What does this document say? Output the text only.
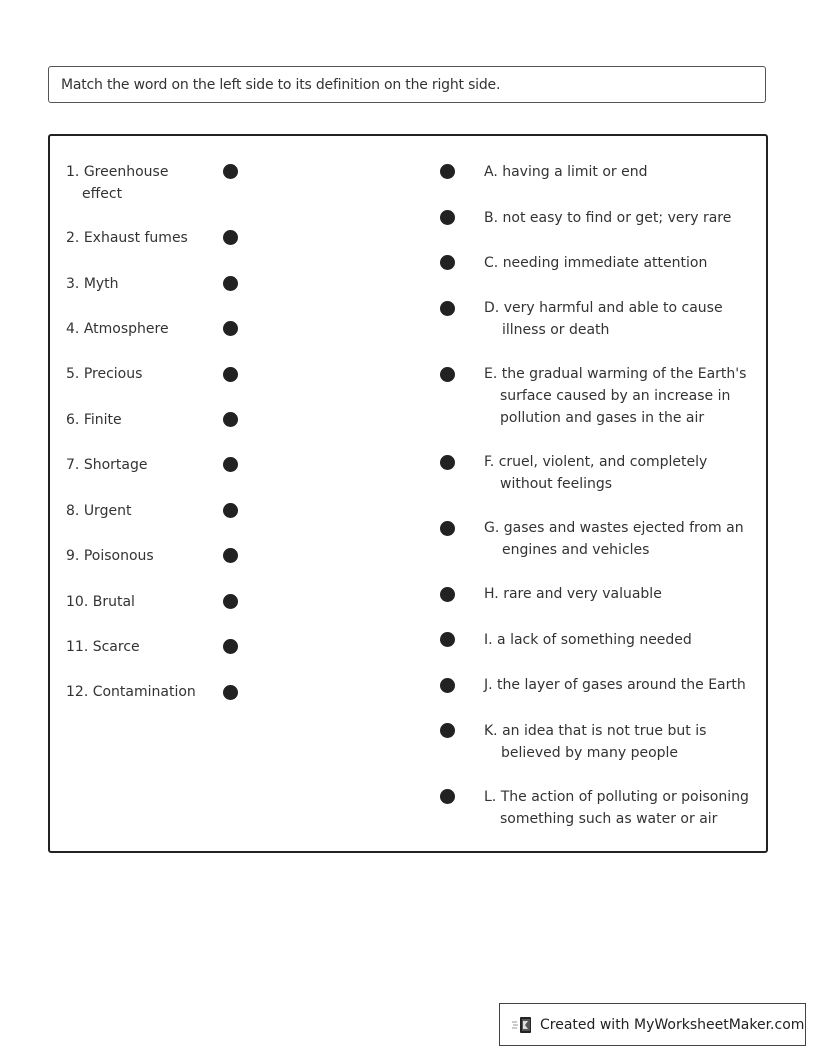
Match the word on the left side to its definition on the right side.
1. Greenhouse
effect
2. Exhaust fumes
3. Myth
4. Atmosphere
5. Precious
6. Finite
7. Shortage
8. Urgent
9. Poisonous
10. Brutal
11. Scarce
12. Contamination
A. having a limit or end
B. not easy to find or get; very rare
C. needing immediate attention
D. very harmful and able to cause
illness or death
E. the gradual warming of the Earth's
surface caused by an increase in
pollution and gases in the air
F. cruel, violent, and completely
without feelings
G. gases and wastes ejected from an
engines and vehicles
H. rare and very valuable
I. a lack of something needed
J. the layer of gases around the Earth
K. an idea that is not true but is
believed by many people
L. The action of polluting or poisoning
something such as water or air
Created with MyWorksheetMaker.com
